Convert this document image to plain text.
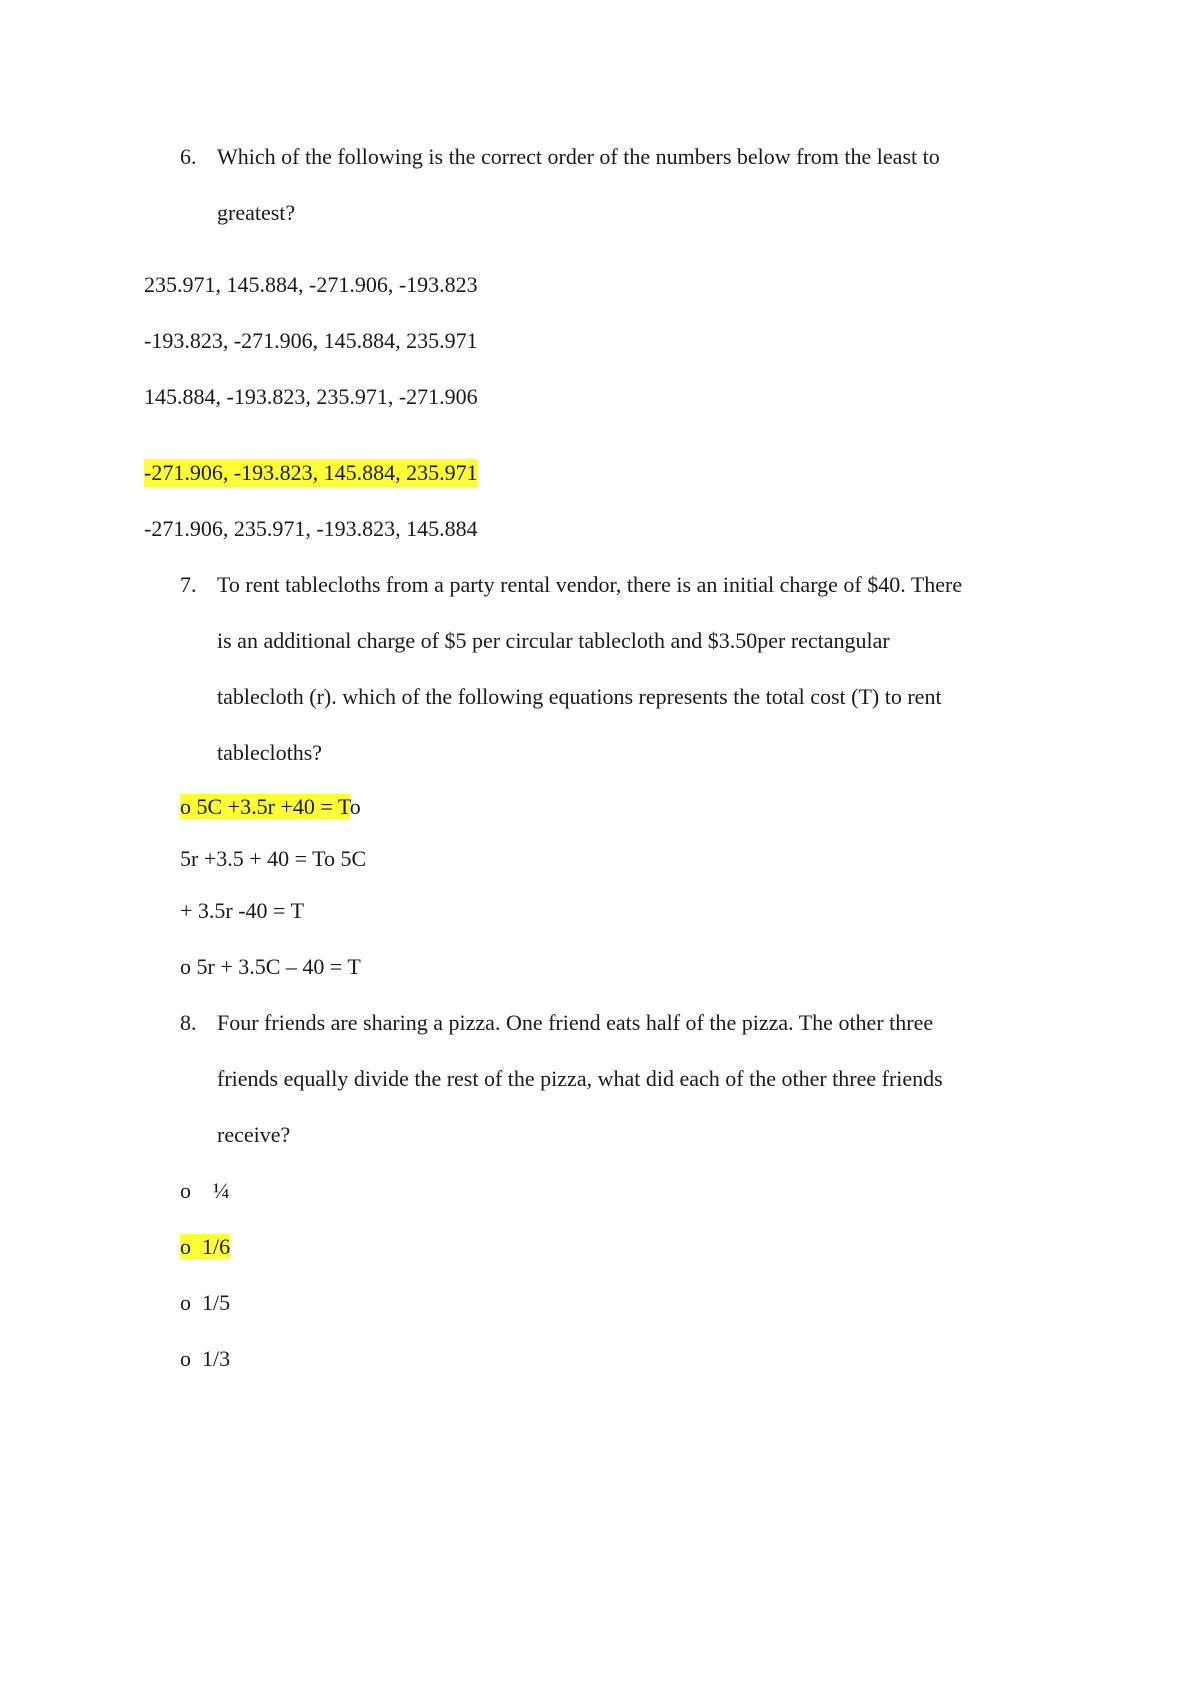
6. Which of the following is the correct order of the numbers below from the least to
greatest?
235.971, 145.884, -271.906, -193.823
-193.823, -271.906, 145.884, 235.971
145.884, -193.823, 235.971, -271.906
-271.906, -193.823, 145.884, 235.971
-271.906, 235.971, -193.823, 145.884
7. To rent tablecloths from a party rental vendor, there is an initial charge of $40. There
is an additional charge of $5 per circular tablecloth and $3.50per rectangular
tablecloth (r). which of the following equations represents the total cost (T) to rent
tablecloths?
o 5C +3.5r +40 = To
5r +3.5 + 40 = To 5C
+ 3.5r -40 = T
o 5r + 3.5C – 40 = T
8. Four friends are sharing a pizza. One friend eats half of the pizza. The other three
friends equally divide the rest of the pizza, what did each of the other three friends
receive?
o ¼
o 1/6
o 1/5
o 1/3
